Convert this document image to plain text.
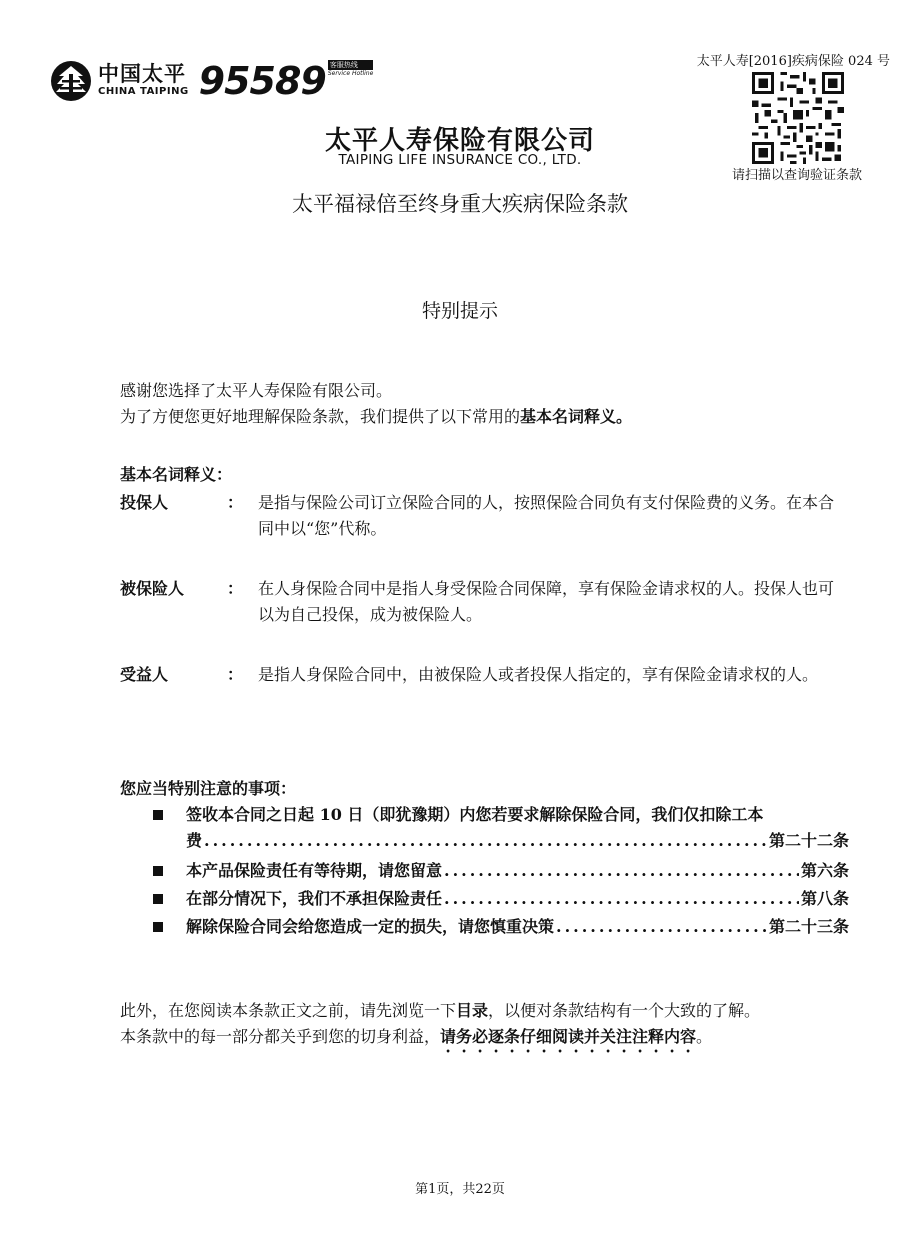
中国太平
CHINA TAIPING 95589 客服热线
Service Hotline
太平人寿[2016]疾病保险 024 号
请扫描以查询验证条款
太平人寿保险有限公司
TAIPING LIFE INSURANCE CO., LTD.
太平福禄倍至终身重大疾病保险条款
特别提示
感谢您选择了太平人寿保险有限公司。
为了方便您更好地理解保险条款，我们提供了以下常用的基本名词释义。
基本名词释义：
投保人	： 是指与保险公司订立保险合同的人，按照保险合同负有支付保险费的义务。在本合同中以“您”代称。
被保险人	： 在人身保险合同中是指人身受保险合同保障，享有保险金请求权的人。投保人也可以为自己投保，成为被保险人。
受益人	： 是指人身保险合同中，由被保险人或者投保人指定的，享有保险金请求权的人。
您应当特别注意的事项：
签收本合同之日起 10 日（即犹豫期）内您若要求解除保险合同，我们仅扣除工本
费 .....	第二十二条
本产品保险责任有等待期，请您留意 .....	第六条
在部分情况下，我们不承担保险责任 .....	第八条
解除保险合同会给您造成一定的损失，请您慎重决策 .....	第二十三条
此外，在您阅读本条款正文之前，请先浏览一下目录，以便对条款结构有一个大致的了解。
本条款中的每一部分都关乎到您的切身利益，请务必逐条仔细阅读并关注注释内容。
第1页，共22页
